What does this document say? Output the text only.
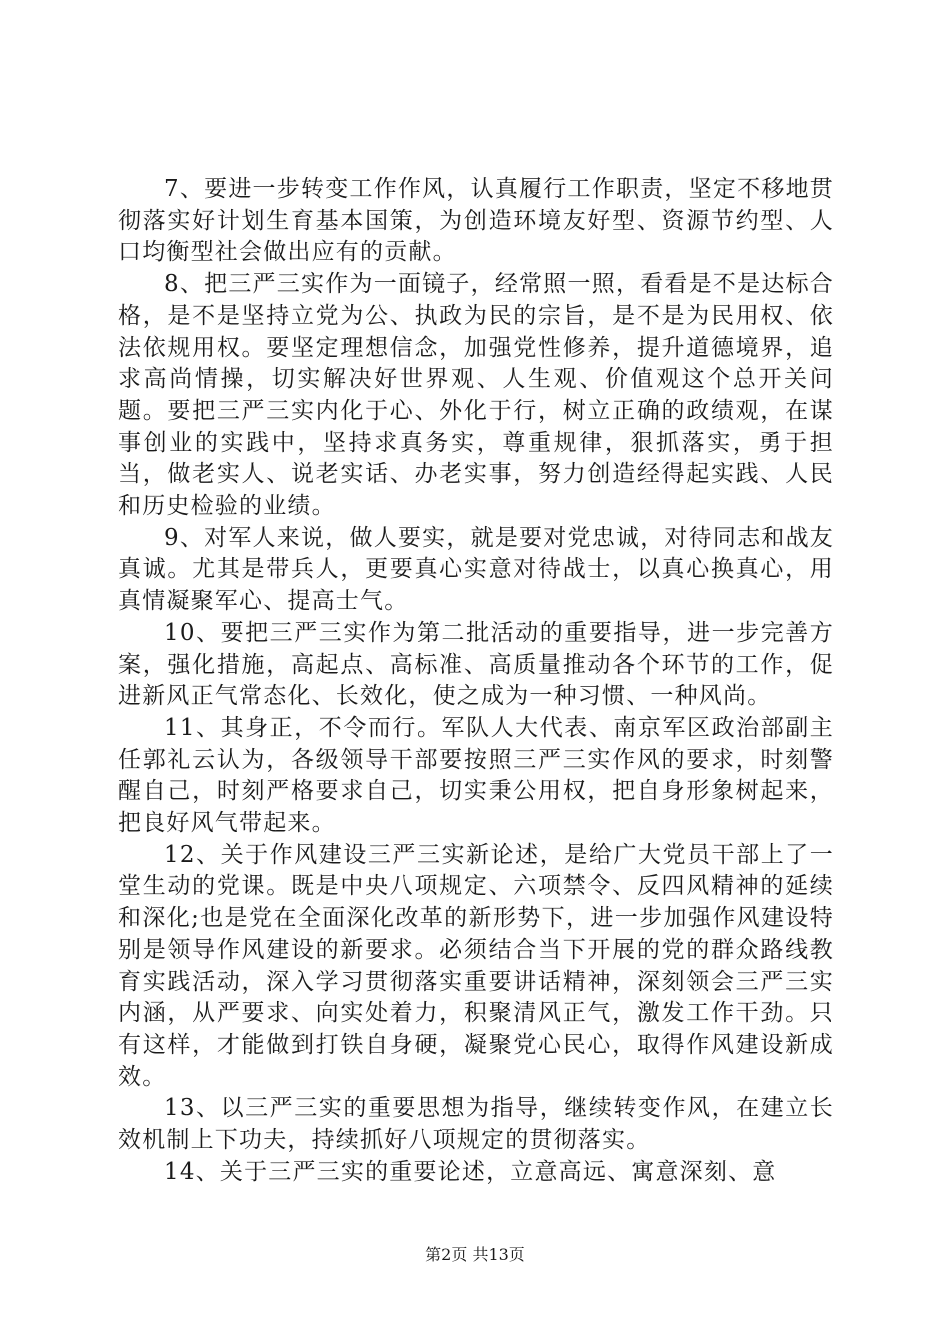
7、要进一步转变工作作风，认真履行工作职责，坚定不移地贯彻落实好计划生育基本国策，为创造环境友好型、资源节约型、人口均衡型社会做出应有的贡献。

8、把三严三实作为一面镜子，经常照一照，看看是不是达标合格，是不是坚持立党为公、执政为民的宗旨，是不是为民用权、依法依规用权。要坚定理想信念，加强党性修养，提升道德境界，追求高尚情操，切实解决好世界观、人生观、价值观这个总开关问题。要把三严三实内化于心、外化于行，树立正确的政绩观，在谋事创业的实践中，坚持求真务实，尊重规律，狠抓落实，勇于担当，做老实人、说老实话、办老实事，努力创造经得起实践、人民和历史检验的业绩。

9、对军人来说，做人要实，就是要对党忠诚，对待同志和战友真诚。尤其是带兵人，更要真心实意对待战士，以真心换真心，用真情凝聚军心、提高士气。

10、要把三严三实作为第二批活动的重要指导，进一步完善方案，强化措施，高起点、高标准、高质量推动各个环节的工作，促进新风正气常态化、长效化，使之成为一种习惯、一种风尚。

11、其身正，不令而行。军队人大代表、南京军区政治部副主任郭礼云认为，各级领导干部要按照三严三实作风的要求，时刻警醒自己，时刻严格要求自己，切实秉公用权，把自身形象树起来，把良好风气带起来。

12、关于作风建设三严三实新论述，是给广大党员干部上了一堂生动的党课。既是中央八项规定、六项禁令、反四风精神的延续和深化;也是党在全面深化改革的新形势下，进一步加强作风建设特别是领导作风建设的新要求。必须结合当下开展的党的群众路线教育实践活动，深入学习贯彻落实重要讲话精神，深刻领会三严三实内涵，从严要求、向实处着力，积聚清风正气，激发工作干劲。只有这样，才能做到打铁自身硬，凝聚党心民心，取得作风建设新成效。

13、以三严三实的重要思想为指导，继续转变作风，在建立长效机制上下功夫，持续抓好八项规定的贯彻落实。

14、关于三严三实的重要论述，立意高远、寓意深刻、意

第2页 共13页
